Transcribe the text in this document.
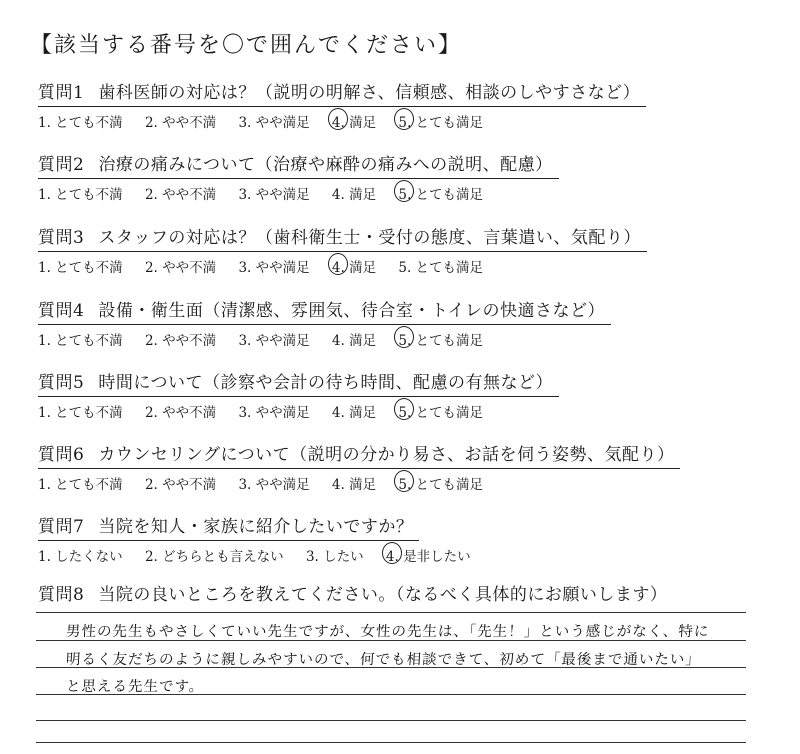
【該当する番号を〇で囲んでください】
質問1 歯科医師の対応は？（説明の明解さ、信頼感、相談のしやすさなど）
1. とても不満 2. やや不満 3. やや満足 4. 満足 5. とても満足
質問2 治療の痛みについて（治療や麻酔の痛みへの説明、配慮）
1. とても不満 2. やや不満 3. やや満足 4. 満足 5. とても満足
質問3 スタッフの対応は？（歯科衛生士・受付の態度、言葉遣い、気配り）
1. とても不満 2. やや不満 3. やや満足 4. 満足 5. とても満足
質問4 設備・衛生面（清潔感、雰囲気、待合室・トイレの快適さなど）
1. とても不満 2. やや不満 3. やや満足 4. 満足 5. とても満足
質問5 時間について（診察や会計の待ち時間、配慮の有無など）
1. とても不満 2. やや不満 3. やや満足 4. 満足 5. とても満足
質問6 カウンセリングについて（説明の分かり易さ、お話を伺う姿勢、気配り）
1. とても不満 2. やや不満 3. やや満足 4. 満足 5. とても満足
質問7 当院を知人・家族に紹介したいですか？
1. したくない 2. どちらとも言えない 3. したい 4. 是非したい
質問8 当院の良いところを教えてください。（なるべく具体的にお願いします）
男性の先生もやさしくていい先生ですが、女性の先生は、「先生！」という感じがなく、特に
明るく友だちのように親しみやすいので、何でも相談できて、初めて「最後まで通いたい」
と思える先生です。
